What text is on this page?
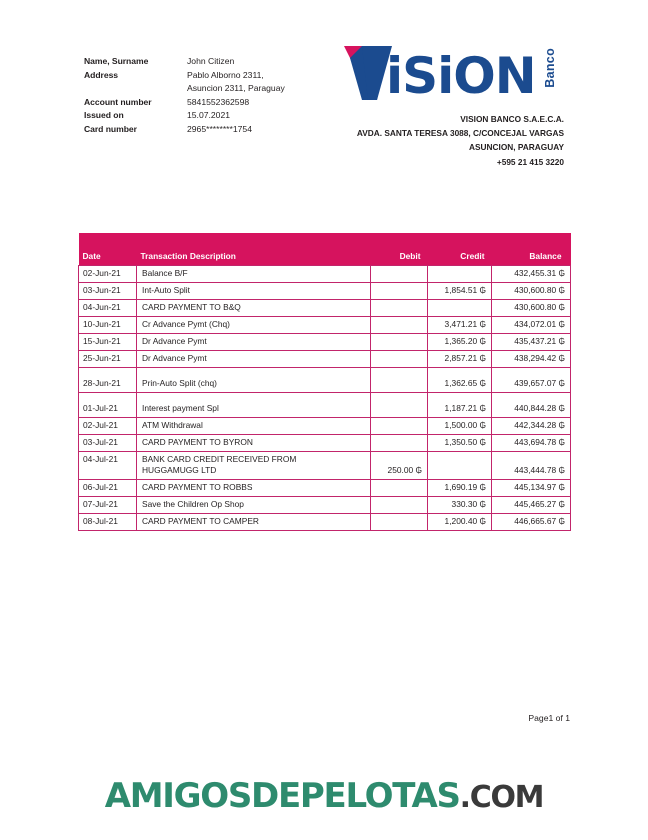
Name, Surname	John Citizen
Address	Pablo Alborno 2311,
Asuncion 2311, Paraguay
Account number	5841552362598
Issued on	15.07.2021
Card number	2965********1754
iSiON Banco
VISION BANCO S.A.E.C.A.
AVDA. SANTA TERESA 3088, C/CONCEJAL VARGAS
ASUNCION, PARAGUAY
+595 21 415 3220
Date	Transaction Description	Debit	Credit	Balance
02-Jun-21	Balance B/F			432,455.31 ₲
03-Jun-21	Int-Auto Split		1,854.51 ₲	430,600.80 ₲
04-Jun-21	CARD PAYMENT TO B&Q			430,600.80 ₲
10-Jun-21	Cr Advance Pymt (Chq)		3,471.21 ₲	434,072.01 ₲
15-Jun-21	Dr Advance Pymt		1,365.20 ₲	435,437.21 ₲
25-Jun-21	Dr Advance Pymt		2,857.21 ₲	438,294.42 ₲
28-Jun-21	Prin-Auto Split (chq)		1,362.65 ₲	439,657.07 ₲
01-Jul-21	Interest payment Spl		1,187.21 ₲	440,844.28 ₲
02-Jul-21	ATM Withdrawal		1,500.00 ₲	442,344.28 ₲
03-Jul-21	CARD PAYMENT TO BYRON		1,350.50 ₲	443,694.78 ₲
04-Jul-21	BANK CARD CREDIT RECEIVED FROM
HUGGAMUGG LTD	250.00 ₲		443,444.78 ₲
06-Jul-21	CARD PAYMENT TO ROBBS		1,690.19 ₲	445,134.97 ₲
07-Jul-21	Save the Children Op Shop		330.30 ₲	445,465.27 ₲
08-Jul-21	CARD PAYMENT TO CAMPER		1,200.40 ₲	446,665.67 ₲
Page1 of 1
AMIGOSDEPELOTAS.COM
